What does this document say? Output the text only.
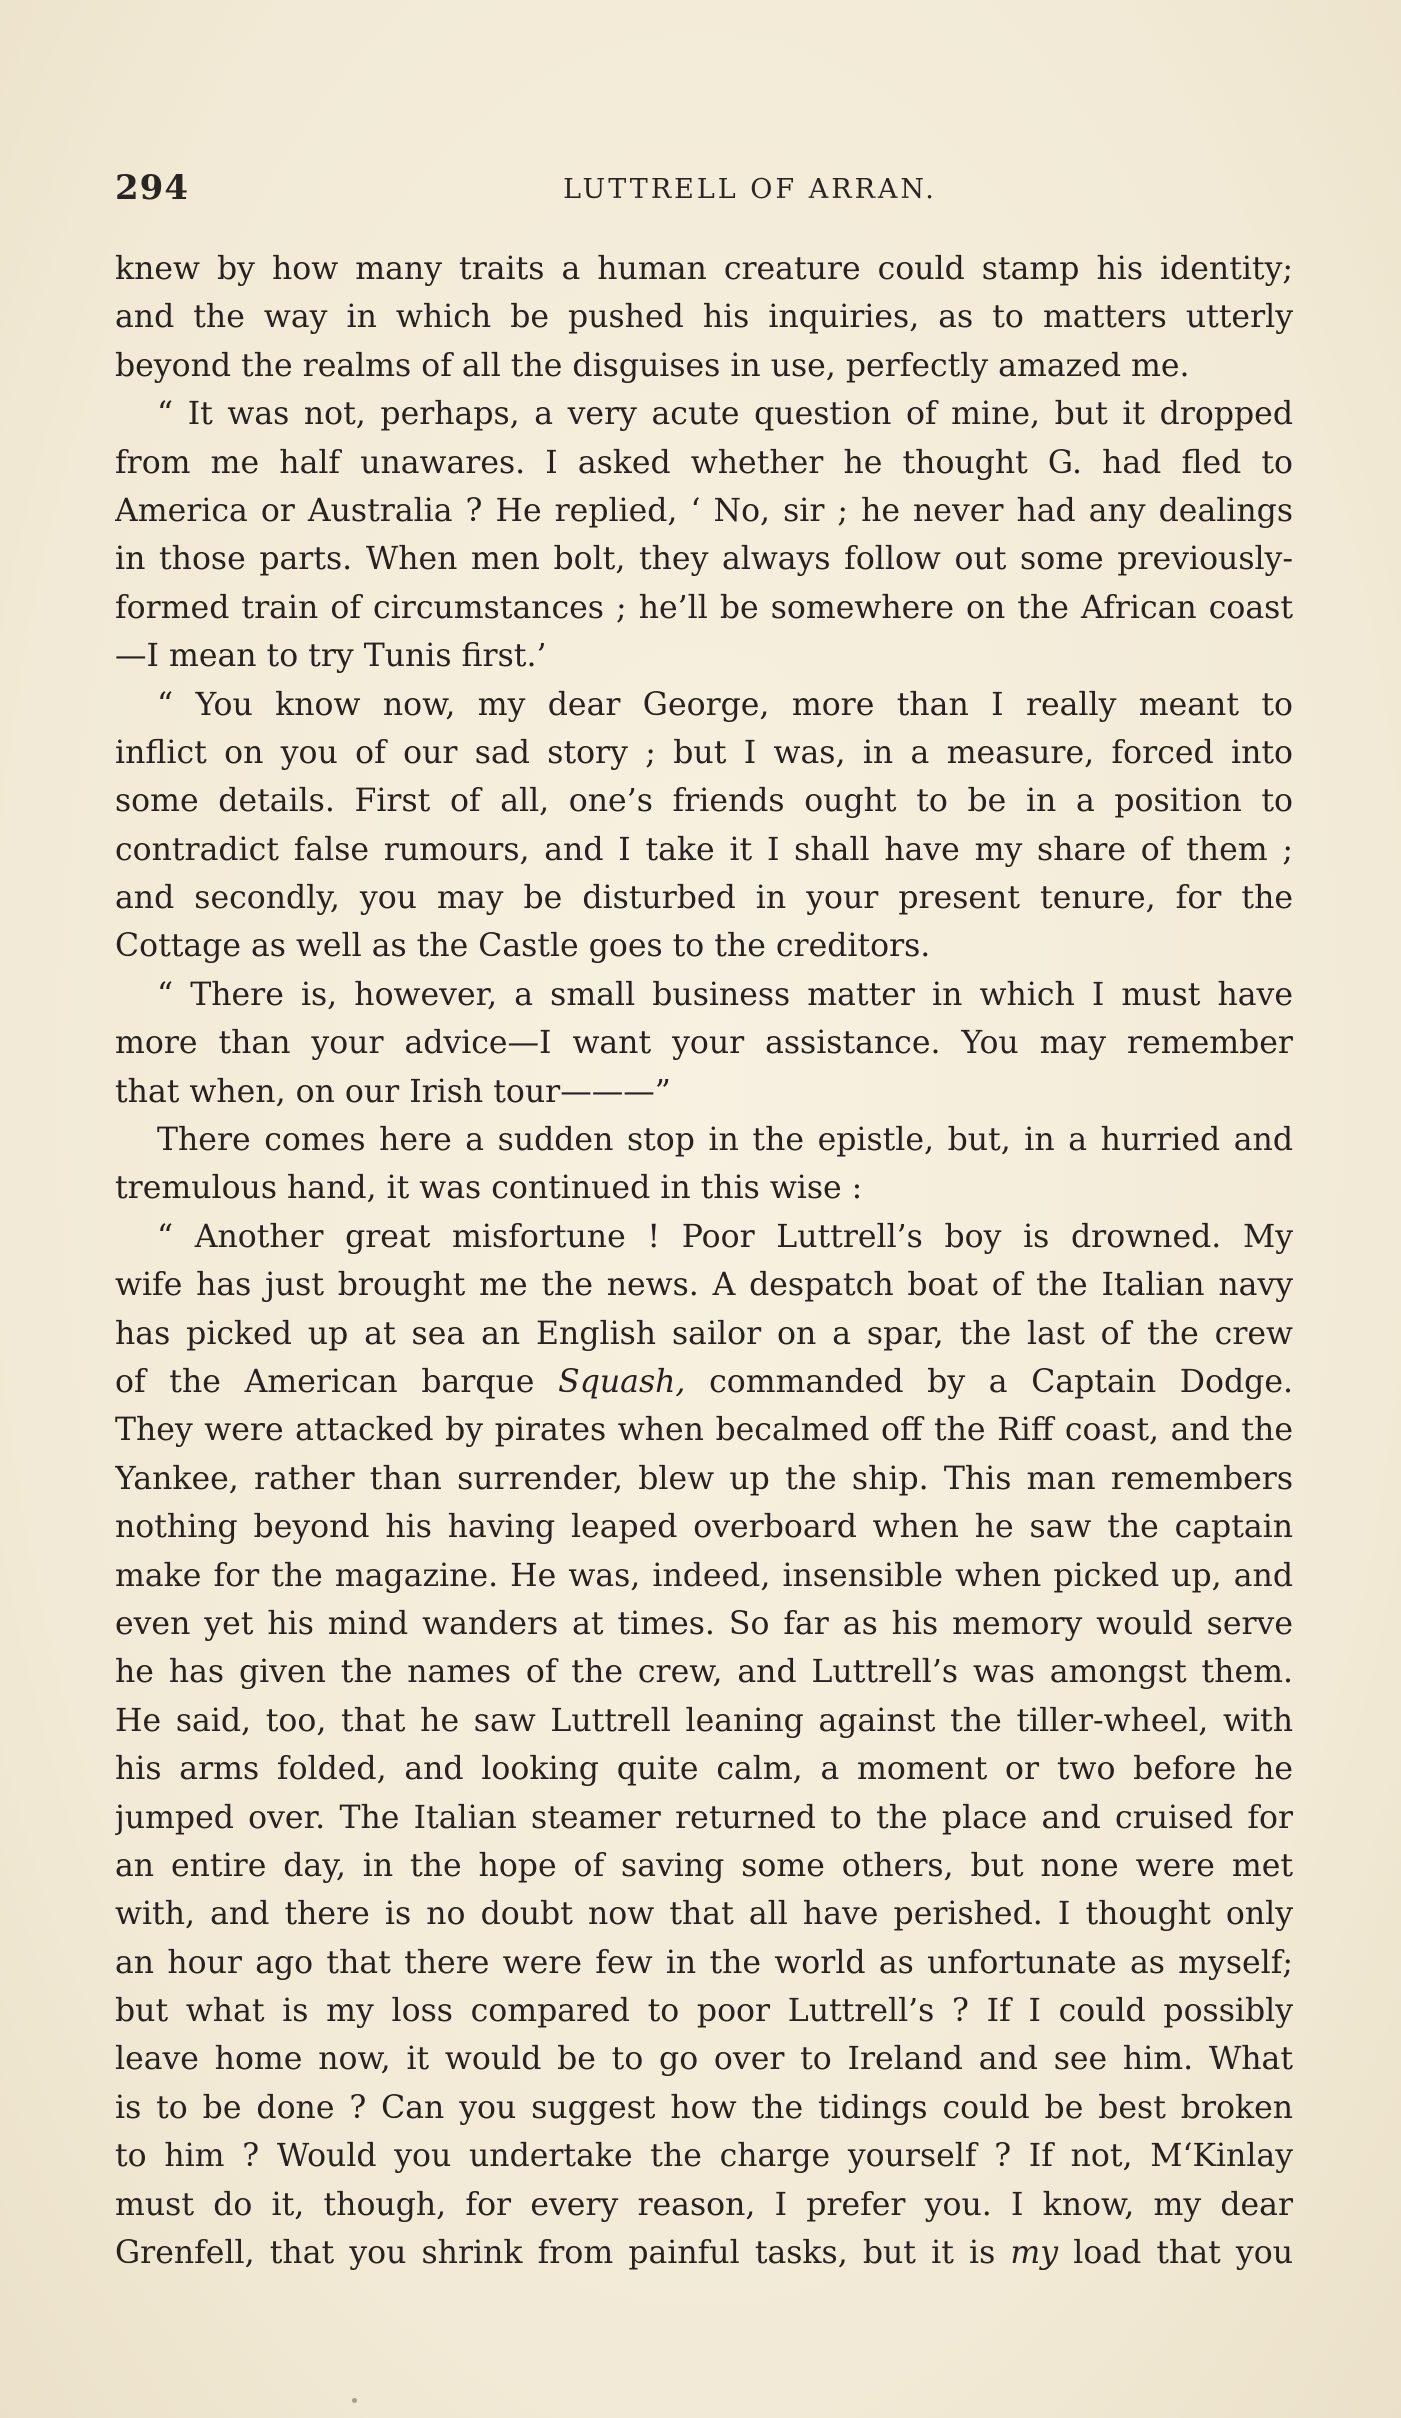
294	LUTTRELL OF ARRAN.
knew by how many traits a human creature could stamp his identity;
and the way in which be pushed his inquiries, as to matters utterly
beyond the realms of all the disguises in use, perfectly amazed me.
“ It was not, perhaps, a very acute question of mine, but it dropped
from me half unawares. I asked whether he thought G. had fled to
America or Australia ? He replied, ‘ No, sir ; he never had any dealings
in those parts. When men bolt, they always follow out some previously-
formed train of circumstances ; he’ll be somewhere on the African coast
—I mean to try Tunis first.’
“ You know now, my dear George, more than I really meant to
inflict on you of our sad story ; but I was, in a measure, forced into
some details. First of all, one’s friends ought to be in a position to
contradict false rumours, and I take it I shall have my share of them ;
and secondly, you may be disturbed in your present tenure, for the
Cottage as well as the Castle goes to the creditors.
“ There is, however, a small business matter in which I must have
more than your advice—I want your assistance. You may remember
that when, on our Irish tour———”
There comes here a sudden stop in the epistle, but, in a hurried and
tremulous hand, it was continued in this wise :
“ Another great misfortune ! Poor Luttrell’s boy is drowned. My
wife has just brought me the news. A despatch boat of the Italian navy
has picked up at sea an English sailor on a spar, the last of the crew
of the American barque Squash, commanded by a Captain Dodge.
They were attacked by pirates when becalmed off the Riff coast, and the
Yankee, rather than surrender, blew up the ship. This man remembers
nothing beyond his having leaped overboard when he saw the captain
make for the magazine. He was, indeed, insensible when picked up, and
even yet his mind wanders at times. So far as his memory would serve
he has given the names of the crew, and Luttrell’s was amongst them.
He said, too, that he saw Luttrell leaning against the tiller-wheel, with
his arms folded, and looking quite calm, a moment or two before he
jumped over. The Italian steamer returned to the place and cruised for
an entire day, in the hope of saving some others, but none were met
with, and there is no doubt now that all have perished. I thought only
an hour ago that there were few in the world as unfortunate as myself;
but what is my loss compared to poor Luttrell’s ? If I could possibly
leave home now, it would be to go over to Ireland and see him. What
is to be done ? Can you suggest how the tidings could be best broken
to him ? Would you undertake the charge yourself ? If not, M‘Kinlay
must do it, though, for every reason, I prefer you. I know, my dear
Grenfell, that you shrink from painful tasks, but it is my load that you
